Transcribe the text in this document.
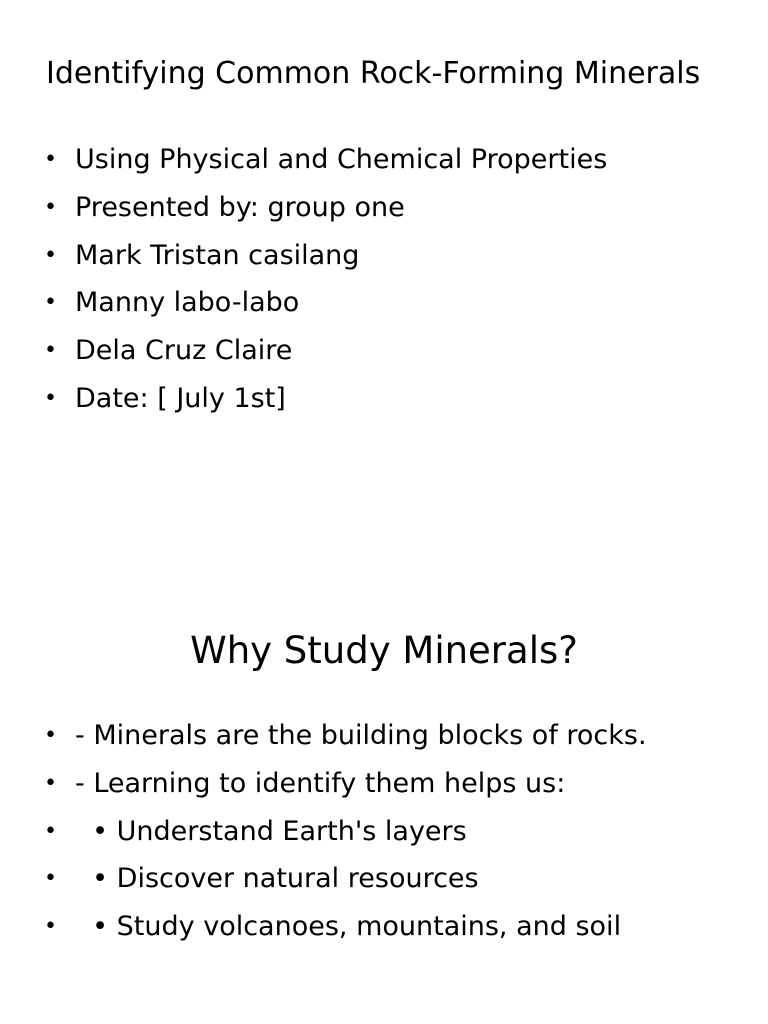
Identifying Common Rock-Forming Minerals
• Using Physical and Chemical Properties
• Presented by: group one
• Mark Tristan casilang
• Manny labo-labo
• Dela Cruz Claire
• Date: [ July 1st]
Why Study Minerals?
• - Minerals are the building blocks of rocks.
• - Learning to identify them helps us:
• • Understand Earth's layers
• • Discover natural resources
• • Study volcanoes, mountains, and soil
